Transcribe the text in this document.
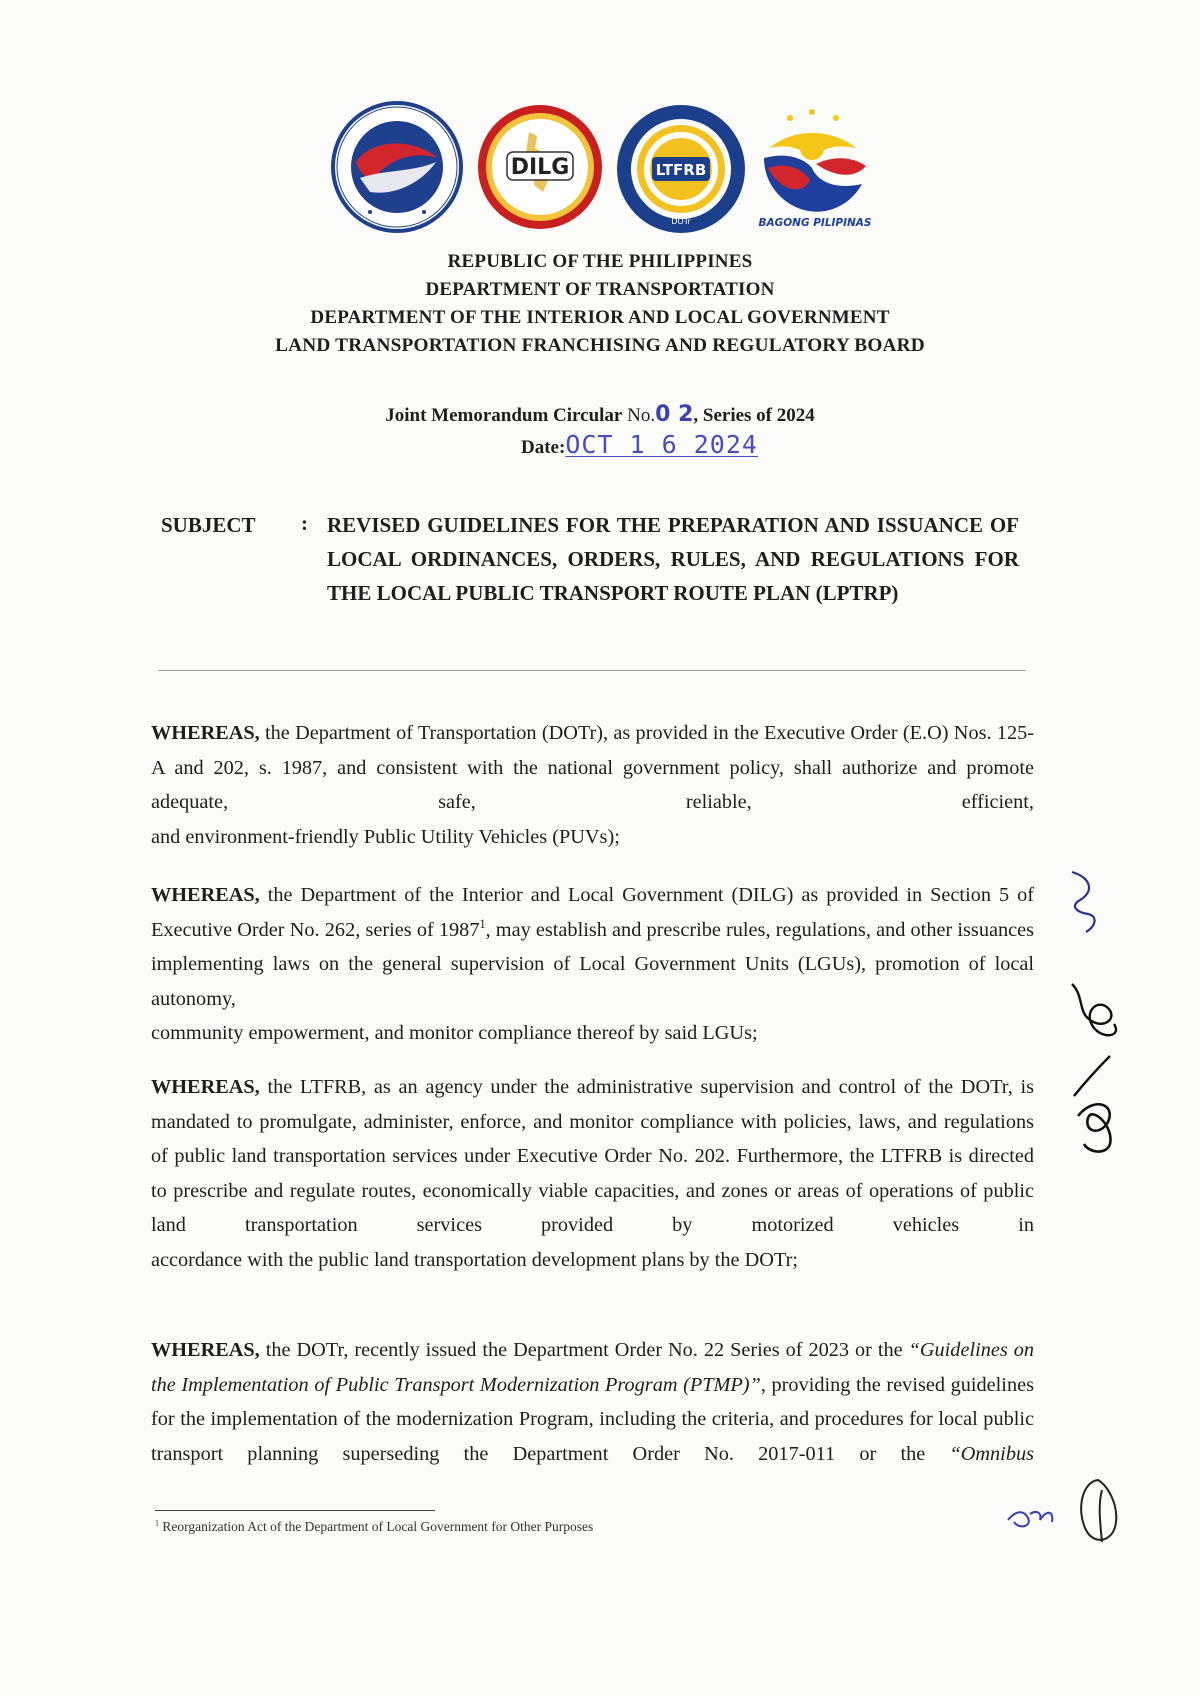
DILG	LTFRB
DOTr	BAGONG PILIPINAS
REPUBLIC OF THE PHILIPPINES
DEPARTMENT OF TRANSPORTATION
DEPARTMENT OF THE INTERIOR AND LOCAL GOVERNMENT
LAND TRANSPORTATION FRANCHISING AND REGULATORY BOARD
Joint Memorandum Circular No.0 2, Series of 2024
Date:OCT 1 6 2024
SUBJECT : REVISED GUIDELINES FOR THE PREPARATION AND ISSUANCE OF LOCAL ORDINANCES, ORDERS, RULES, AND REGULATIONS FOR THE LOCAL PUBLIC TRANSPORT ROUTE PLAN (LPTRP)
WHEREAS, the Department of Transportation (DOTr), as provided in the Executive Order (E.O) Nos. 125-A and 202, s. 1987, and consistent with the national government policy, shall authorize and promote adequate, safe, reliable, efficient,
and environment-friendly Public Utility Vehicles (PUVs);
WHEREAS, the Department of the Interior and Local Government (DILG) as provided in Section 5 of Executive Order No. 262, series of 1987$^1$, may establish and prescribe rules, regulations, and other issuances implementing laws on the general supervision of Local Government Units (LGUs), promotion of local autonomy,
community empowerment, and monitor compliance thereof by said LGUs;
WHEREAS, the LTFRB, as an agency under the administrative supervision and control of the DOTr, is mandated to promulgate, administer, enforce, and monitor compliance with policies, laws, and regulations of public land transportation services under Executive Order No. 202. Furthermore, the LTFRB is directed to prescribe and regulate routes, economically viable capacities, and zones or areas of operations of public land transportation services provided by motorized vehicles in
accordance with the public land transportation development plans by the DOTr;
WHEREAS, the DOTr, recently issued the Department Order No. 22 Series of 2023 or the “Guidelines on the Implementation of Public Transport Modernization Program (PTMP)”, providing the revised guidelines for the implementation of the modernization Program, including the criteria, and procedures for local public transport planning superseding the Department Order No. 2017-011 or the “Omnibus
$^1$ Reorganization Act of the Department of Local Government for Other Purposes
